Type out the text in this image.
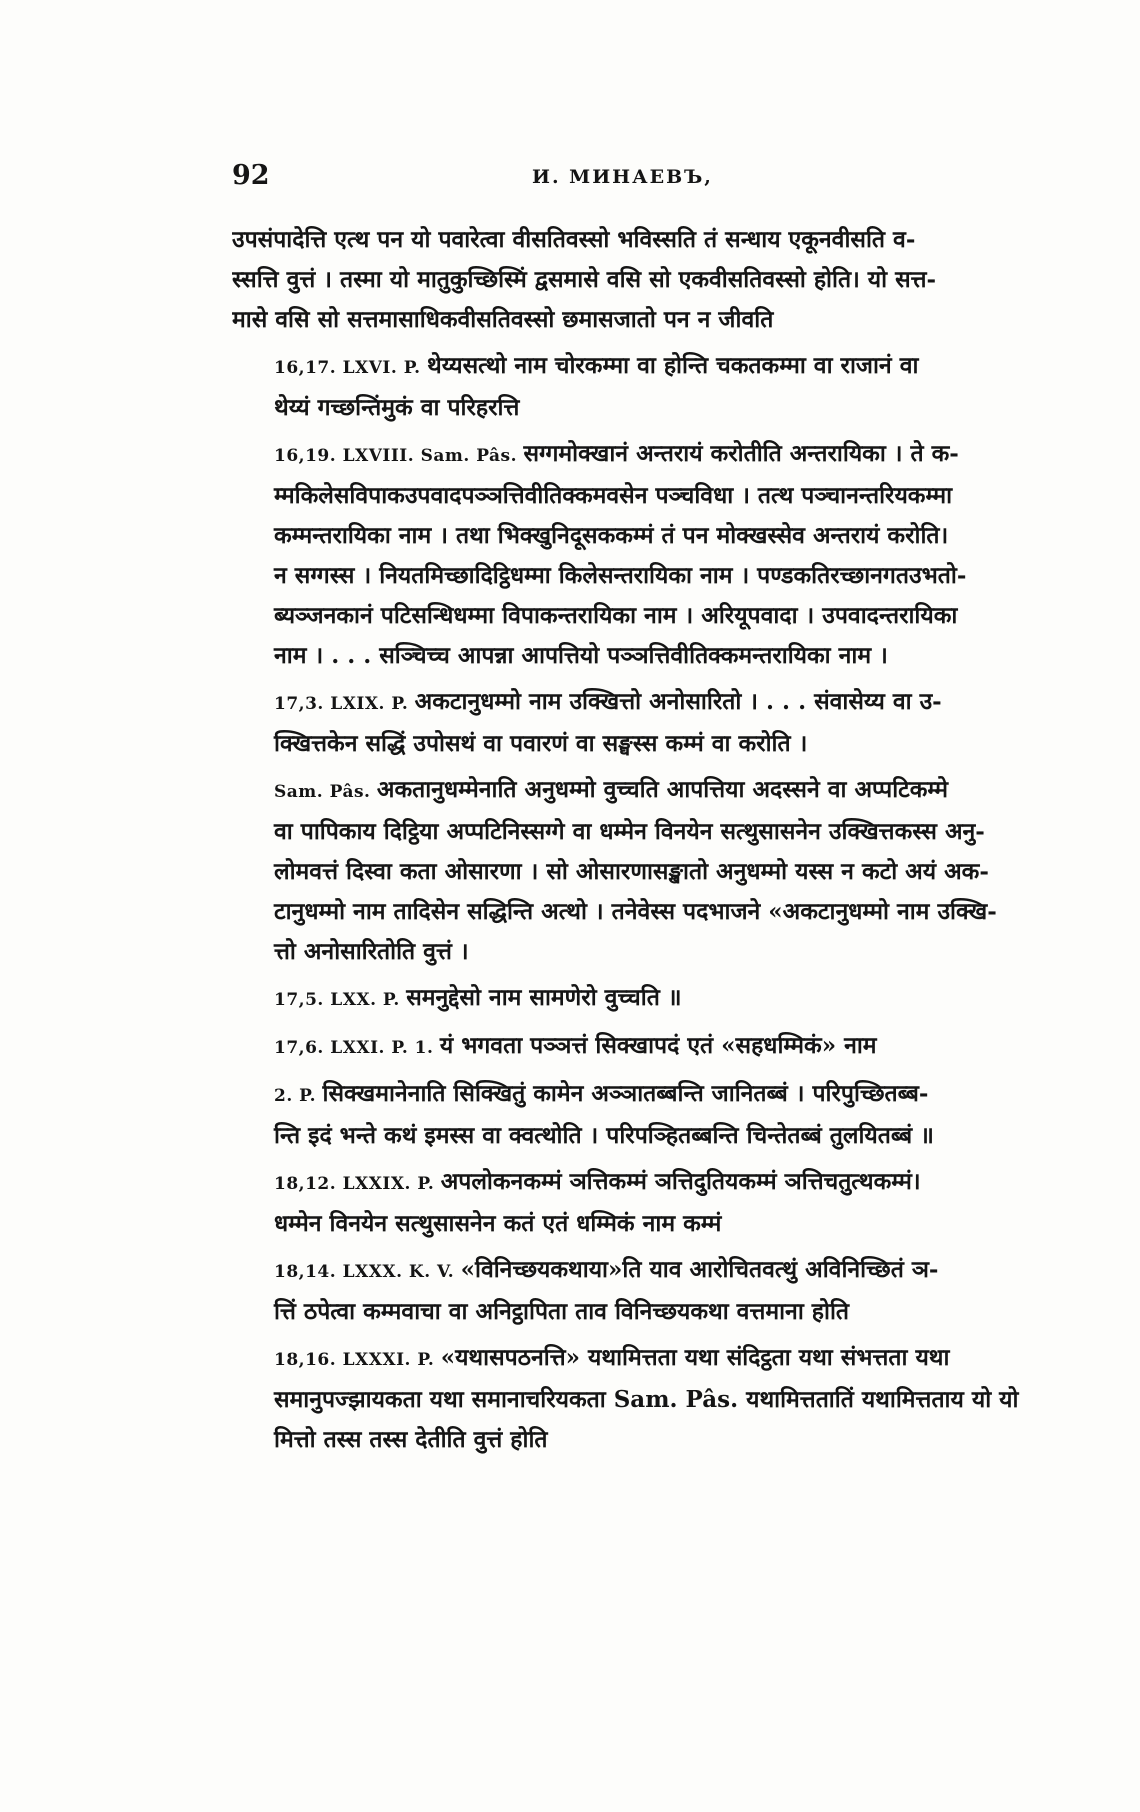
92	И. МИНАЕВЪ,
उपसंपादेत्ति एत्थ पन यो पवारेत्वा वीसतिवस्सो भविस्सति तं सन्धाय एकूनवीसति व-
स्सत्ति वुत्तं । तस्मा यो मातुकुच्छिस्मिं द्वसमासे वसि सो एकवीसतिवस्सो होति। यो सत्त-
मासे वसि सो सत्तमासाधिकवीसतिवस्सो छमासजातो पन न जीवति
16,17. LXVI. P. थेय्यसत्थो नाम चोरकम्मा वा होन्ति चकतकम्मा वा राजानं वा
थेय्यं गच्छन्तिंमुकं वा परिहरत्ति
16,19. LXVIII. Sam. Pâs. सग्गमोक्खानं अन्तरायं करोतीति अन्तरायिका । ते क-
म्मकिलेसविपाकउपवादपञ्ञत्तिवीतिक्कमवसेन पञ्चविधा । तत्थ पञ्चानन्तरियकम्मा
कम्मन्तरायिका नाम । तथा भिक्खुनिदूसककम्मं तं पन मोक्खस्सेव अन्तरायं करोति।
न सग्गस्स । नियतमिच्छादिट्ठिधम्मा किलेसन्तरायिका नाम । पण्डकतिरच्छानगतउभतो-
ब्यञ्जनकानं पटिसन्धिधम्मा विपाकन्तरायिका नाम । अरियूपवादा । उपवादन्तरायिका
नाम । . . . सञ्चिच्च आपन्ना आपत्तियो पञ्ञत्तिवीतिक्कमन्तरायिका नाम ।
17,3. LXIX. P. अकटानुधम्मो नाम उक्खित्तो अनोसारितो । . . . संवासेय्य वा उ-
क्खित्तकेन सद्धिं उपोसथं वा पवारणं वा सङ्घस्स कम्मं वा करोति ।
Sam. Pâs. अकतानुधम्मेनाति अनुधम्मो वुच्चति आपत्तिया अदस्सने वा अप्पटिकम्मे
वा पापिकाय दिट्ठिया अप्पटिनिस्सग्गे वा धम्मेन विनयेन सत्थुसासनेन उक्खित्तकस्स अनु-
लोमवत्तं दिस्वा कता ओसारणा । सो ओसारणासङ्खातो अनुधम्मो यस्स न कटो अयं अक-
टानुधम्मो नाम तादिसेन सद्धिन्ति अत्थो । तनेवेस्स पदभाजने «अकटानुधम्मो नाम उक्खि-
त्तो अनोसारितोति वुत्तं ।
17,5. LXX. P. समनुद्देसो नाम सामणेरो वुच्चति ॥
17,6. LXXI. P. 1. यं भगवता पञ्ञत्तं सिक्खापदं एतं «सहधम्मिकं» नाम
2. P. सिक्खमानेनाति सिक्खितुं कामेन अञ्ञातब्बन्ति जानितब्बं । परिपुच्छितब्ब-
न्ति इदं भन्ते कथं इमस्स वा क्वत्थोति । परिपञ्हितब्बन्ति चिन्तेतब्बं तुलयितब्बं ॥
18,12. LXXIX. P. अपलोकनकम्मं ञत्तिकम्मं ञत्तिदुतियकम्मं ञत्तिचतुत्थकम्मं।
धम्मेन विनयेन सत्थुसासनेन कतं एतं धम्मिकं नाम कम्मं
18,14. LXXX. K. V. «विनिच्छयकथाया»ति याव आरोचितवत्थुं अविनिच्छितं ञ-
त्तिं ठपेत्वा कम्मवाचा वा अनिट्ठापिता ताव विनिच्छयकथा वत्तमाना होति
18,16. LXXXI. P. «यथासपठनत्ति» यथामित्तता यथा संदिट्ठता यथा संभत्तता यथा
समानुपज्झायकता यथा समानाचरियकता Sam. Pâs. यथामित्ततातिं यथामित्तताय यो यो
मित्तो तस्स तस्स देतीति वुत्तं होति
